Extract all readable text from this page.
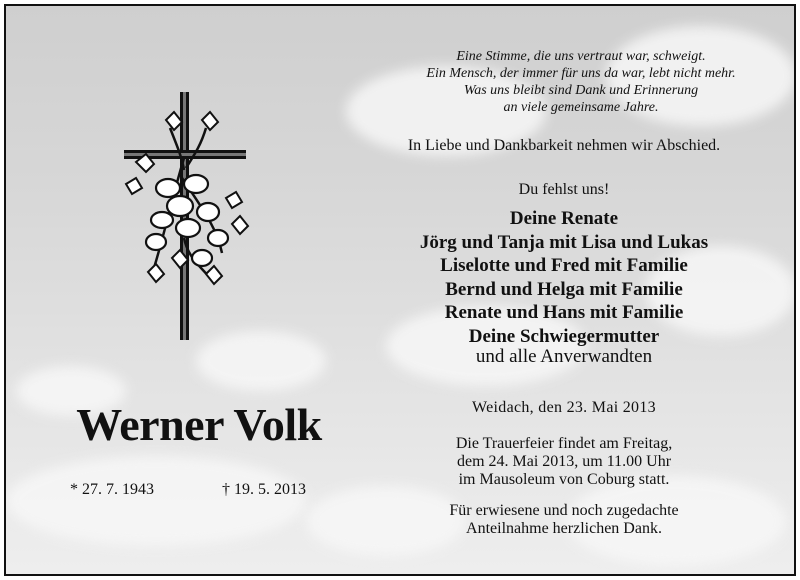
Eine Stimme, die uns vertraut war, schweigt.
Ein Mensch, der immer für uns da war, lebt nicht mehr.
Was uns bleibt sind Dank und Erinnerung
an viele gemeinsame Jahre.
In Liebe und Dankbarkeit nehmen wir Abschied.
Du fehlst uns!
Deine Renate
Jörg und Tanja mit Lisa und Lukas
Liselotte und Fred mit Familie
Bernd und Helga mit Familie
Renate und Hans mit Familie
Deine Schwiegermutter
und alle Anverwandten
Weidach, den 23. Mai 2013
Die Trauerfeier findet am Freitag,
dem 24. Mai 2013, um 11.00 Uhr
im Mausoleum von Coburg statt.
Für erwiesene und noch zugedachte
Anteilnahme herzlichen Dank.
Werner Volk
* 27. 7. 1943	† 19. 5. 2013
